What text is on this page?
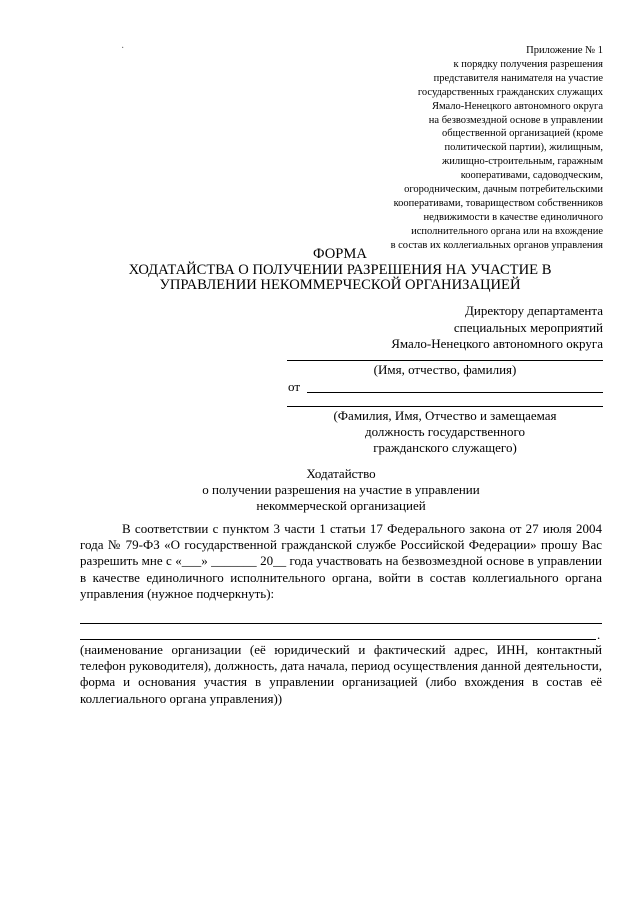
·	Приложение № 1
к порядку получения разрешения
представителя нанимателя на участие
государственных гражданских служащих
Ямало-Ненецкого автономного округа
на безвозмездной основе в управлении
общественной организацией (кроме
политической партии), жилищным,
жилищно-строительным, гаражным
кооперативами, садоводческим,
огородническим, дачным потребительскими
кооперативами, товариществом собственников
недвижимости в качестве единоличного
исполнительного органа или на вхождение
в состав их коллегиальных органов управления
ФОРМА
ХОДАТАЙСТВА О ПОЛУЧЕНИИ РАЗРЕШЕНИЯ НА УЧАСТИЕ В
УПРАВЛЕНИИ НЕКОММЕРЧЕСКОЙ ОРГАНИЗАЦИЕЙ
Директору департамента
специальных мероприятий
Ямало-Ненецкого автономного округа
(Имя, отчество, фамилия)
от
(Фамилия, Имя, Отчество и замещаемая
должность государственного
гражданского служащего)
Ходатайство
о получении разрешения на участие в управлении
некоммерческой организацией

В соответствии с пунктом 3 части 1 статьи 17 Федерального закона от 27 июля 2004 года № 79-ФЗ «О государственной гражданской службе Российской Федерации» прошу Вас разрешить мне с «___» _______ 20__ года участвовать на безвозмездной основе в управлении в качестве единоличного исполнительного органа, войти в состав коллегиального органа управления (нужное подчеркнуть):

.
(наименование организации (её юридический и фактический адрес, ИНН, контактный телефон руководителя), должность, дата начала, период осуществления данной деятельности, форма и основания участия в управлении организацией (либо вхождения в состав её коллегиального органа управления))
